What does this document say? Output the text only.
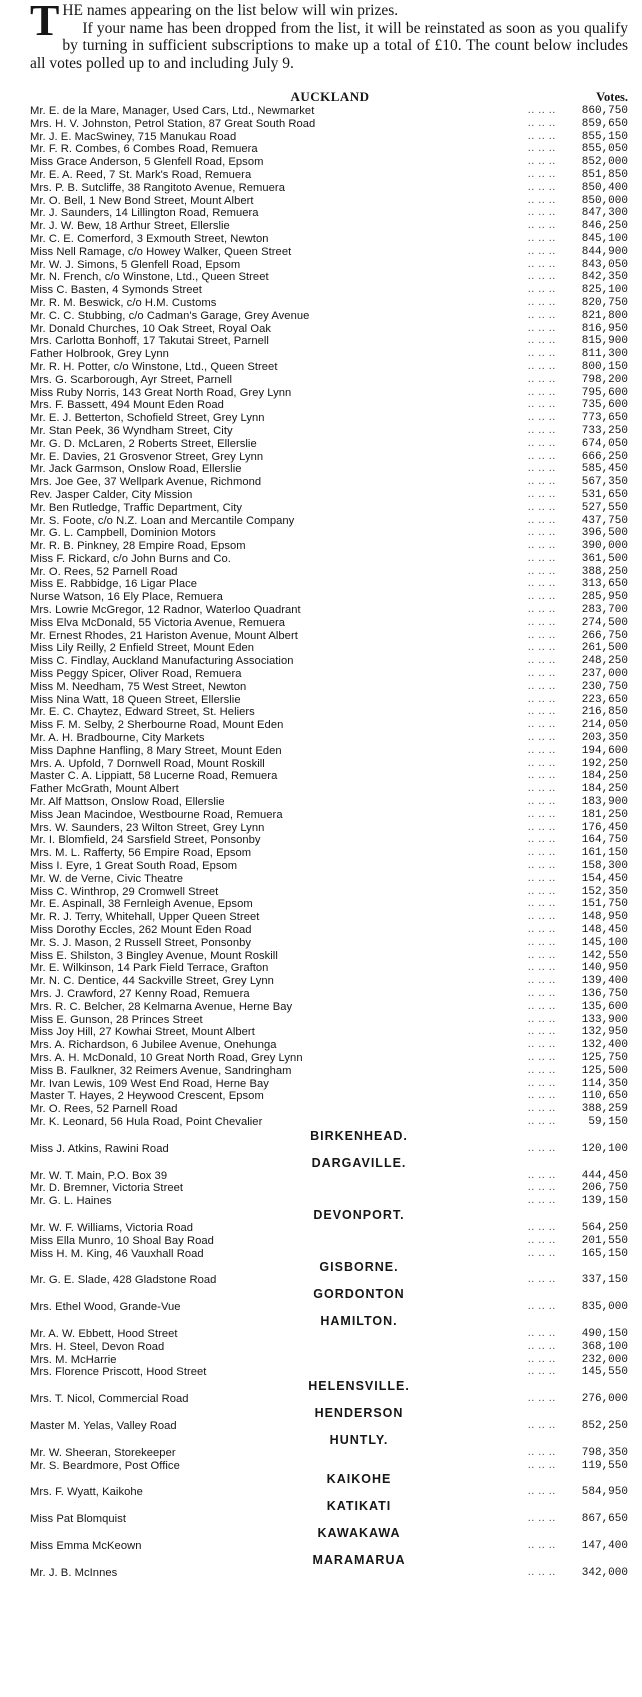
THE names appearing on the list below will win prizes.
If your name has been dropped from the list, it will be reinstated as soon as you qualify by turning in sufficient subscriptions to make up a total of £10. The count below includes all votes polled up to and including July 9.

AUCKLAND	Votes.
Mr. E. de la Mare, Manager, Used Cars, Ltd., Newmarket	.. .. ..	860,750
Mrs. H. V. Johnston, Petrol Station, 87 Great South Road	.. .. ..	859,650
Mr. J. E. MacSwiney, 715 Manukau Road	.. .. ..	855,150
Mr. F. R. Combes, 6 Combes Road, Remuera	.. .. ..	855,050
Miss Grace Anderson, 5 Glenfell Road, Epsom	.. .. ..	852,000
Mr. E. A. Reed, 7 St. Mark's Road, Remuera	.. .. ..	851,850
Mrs. P. B. Sutcliffe, 38 Rangitoto Avenue, Remuera	.. .. ..	850,400
Mr. O. Bell, 1 New Bond Street, Mount Albert	.. .. ..	850,000
Mr. J. Saunders, 14 Lillington Road, Remuera	.. .. ..	847,300
Mr. J. W. Bew, 18 Arthur Street, Ellerslie	.. .. ..	846,250
Mr. C. E. Comerford, 3 Exmouth Street, Newton	.. .. ..	845,100
Miss Nell Ramage, c/o Howey Walker, Queen Street	.. .. ..	844,900
Mr. W. J. Simons, 5 Glenfell Road, Epsom	.. .. ..	843,050
Mr. N. French, c/o Winstone, Ltd., Queen Street	.. .. ..	842,350
Miss C. Basten, 4 Symonds Street	.. .. ..	825,100
Mr. R. M. Beswick, c/o H.M. Customs	.. .. ..	820,750
Mr. C. C. Stubbing, c/o Cadman's Garage, Grey Avenue	.. .. ..	821,800
Mr. Donald Churches, 10 Oak Street, Royal Oak	.. .. ..	816,950
Mrs. Carlotta Bonhoff, 17 Takutai Street, Parnell	.. .. ..	815,900
Father Holbrook, Grey Lynn	.. .. ..	811,300
Mr. R. H. Potter, c/o Winstone, Ltd., Queen Street	.. .. ..	800,150
Mrs. G. Scarborough, Ayr Street, Parnell	.. .. ..	798,200
Miss Ruby Norris, 143 Great North Road, Grey Lynn	.. .. ..	795,600
Mrs. F. Bassett, 494 Mount Eden Road	.. .. ..	735,600
Mr. E. J. Betterton, Schofield Street, Grey Lynn	.. .. ..	773,650
Mr. Stan Peek, 36 Wyndham Street, City	.. .. ..	733,250
Mr. G. D. McLaren, 2 Roberts Street, Ellerslie	.. .. ..	674,050
Mr. E. Davies, 21 Grosvenor Street, Grey Lynn	.. .. ..	666,250
Mr. Jack Garmson, Onslow Road, Ellerslie	.. .. ..	585,450
Mrs. Joe Gee, 37 Wellpark Avenue, Richmond	.. .. ..	567,350
Rev. Jasper Calder, City Mission	.. .. ..	531,650
Mr. Ben Rutledge, Traffic Department, City	.. .. ..	527,550
Mr. S. Foote, c/o N.Z. Loan and Mercantile Company	.. .. ..	437,750
Mr. G. L. Campbell, Dominion Motors	.. .. ..	396,500
Mr. R. B. Pinkney, 28 Empire Road, Epsom	.. .. ..	390,000
Miss F. Rickard, c/o John Burns and Co.	.. .. ..	361,500
Mr. O. Rees, 52 Parnell Road	.. .. ..	388,250
Miss E. Rabbidge, 16 Ligar Place	.. .. ..	313,650
Nurse Watson, 16 Ely Place, Remuera	.. .. ..	285,950
Mrs. Lowrie McGregor, 12 Radnor, Waterloo Quadrant	.. .. ..	283,700
Miss Elva McDonald, 55 Victoria Avenue, Remuera	.. .. ..	274,500
Mr. Ernest Rhodes, 21 Hariston Avenue, Mount Albert	.. .. ..	266,750
Miss Lily Reilly, 2 Enfield Street, Mount Eden	.. .. ..	261,500
Miss C. Findlay, Auckland Manufacturing Association	.. .. ..	248,250
Miss Peggy Spicer, Oliver Road, Remuera	.. .. ..	237,000
Miss M. Needham, 75 West Street, Newton	.. .. ..	230,750
Miss Nina Watt, 18 Queen Street, Ellerslie	.. .. ..	223,650
Mr. E. C. Chaytez, Edward Street, St. Heliers	.. .. ..	216,850
Miss F. M. Selby, 2 Sherbourne Road, Mount Eden	.. .. ..	214,050
Mr. A. H. Bradbourne, City Markets	.. .. ..	203,350
Miss Daphne Hanfling, 8 Mary Street, Mount Eden	.. .. ..	194,600
Mrs. A. Upfold, 7 Dornwell Road, Mount Roskill	.. .. ..	192,250
Master C. A. Lippiatt, 58 Lucerne Road, Remuera	.. .. ..	184,250
Father McGrath, Mount Albert	.. .. ..	184,250
Mr. Alf Mattson, Onslow Road, Ellerslie	.. .. ..	183,900
Miss Jean Macindoe, Westbourne Road, Remuera	.. .. ..	181,250
Mrs. W. Saunders, 23 Wilton Street, Grey Lynn	.. .. ..	176,450
Mr. I. Blomfield, 24 Sarsfield Street, Ponsonby	.. .. ..	164,750
Mrs. M. L. Rafferty, 56 Empire Road, Epsom	.. .. ..	161,150
Miss I. Eyre, 1 Great South Road, Epsom	.. .. ..	158,300
Mr. W. de Verne, Civic Theatre	.. .. ..	154,450
Miss C. Winthrop, 29 Cromwell Street	.. .. ..	152,350
Mr. E. Aspinall, 38 Fernleigh Avenue, Epsom	.. .. ..	151,750
Mr. R. J. Terry, Whitehall, Upper Queen Street	.. .. ..	148,950
Miss Dorothy Eccles, 262 Mount Eden Road	.. .. ..	148,450
Mr. S. J. Mason, 2 Russell Street, Ponsonby	.. .. ..	145,100
Miss E. Shilston, 3 Bingley Avenue, Mount Roskill	.. .. ..	142,550
Mr. E. Wilkinson, 14 Park Field Terrace, Grafton	.. .. ..	140,950
Mr. N. C. Dentice, 44 Sackville Street, Grey Lynn	.. .. ..	139,400
Mrs. J. Crawford, 27 Kenny Road, Remuera	.. .. ..	136,750
Mrs. R. C. Belcher, 28 Kelmarna Avenue, Herne Bay	.. .. ..	135,600
Miss E. Gunson, 28 Princes Street	.. .. ..	133,900
Miss Joy Hill, 27 Kowhai Street, Mount Albert	.. .. ..	132,950
Mrs. A. Richardson, 6 Jubilee Avenue, Onehunga	.. .. ..	132,400
Mrs. A. H. McDonald, 10 Great North Road, Grey Lynn	.. .. ..	125,750
Miss B. Faulkner, 32 Reimers Avenue, Sandringham	.. .. ..	125,500
Mr. Ivan Lewis, 109 West End Road, Herne Bay	.. .. ..	114,350
Master T. Hayes, 2 Heywood Crescent, Epsom	.. .. ..	110,650
Mr. O. Rees, 52 Parnell Road	.. .. ..	388,259
Mr. K. Leonard, 56 Hula Road, Point Chevalier	.. .. ..	59,150
BIRKENHEAD.
Miss J. Atkins, Rawini Road	.. .. ..	120,100
DARGAVILLE.
Mr. W. T. Main, P.O. Box 39	.. .. ..	444,450
Mr. D. Bremner, Victoria Street	.. .. ..	206,750
Mr. G. L. Haines	.. .. ..	139,150
DEVONPORT.
Mr. W. F. Williams, Victoria Road	.. .. ..	564,250
Miss Ella Munro, 10 Shoal Bay Road	.. .. ..	201,550
Miss H. M. King, 46 Vauxhall Road	.. .. ..	165,150
GISBORNE.
Mr. G. E. Slade, 428 Gladstone Road	.. .. ..	337,150
GORDONTON
Mrs. Ethel Wood, Grande-Vue	.. .. ..	835,000
HAMILTON.
Mr. A. W. Ebbett, Hood Street	.. .. ..	490,150
Mrs. H. Steel, Devon Road	.. .. ..	368,100
Mrs. M. McHarrie	.. .. ..	232,000
Mrs. Florence Priscott, Hood Street	.. .. ..	145,550
HELENSVILLE.
Mrs. T. Nicol, Commercial Road	.. .. ..	276,000
HENDERSON
Master M. Yelas, Valley Road	.. .. ..	852,250
HUNTLY.
Mr. W. Sheeran, Storekeeper	.. .. ..	798,350
Mr. S. Beardmore, Post Office	.. .. ..	119,550
KAIKOHE
Mrs. F. Wyatt, Kaikohe	.. .. ..	584,950
KATIKATI
Miss Pat Blomquist	.. .. ..	867,650
KAWAKAWA
Miss Emma McKeown	.. .. ..	147,400
MARAMARUA
Mr. J. B. McInnes	.. .. ..	342,000
